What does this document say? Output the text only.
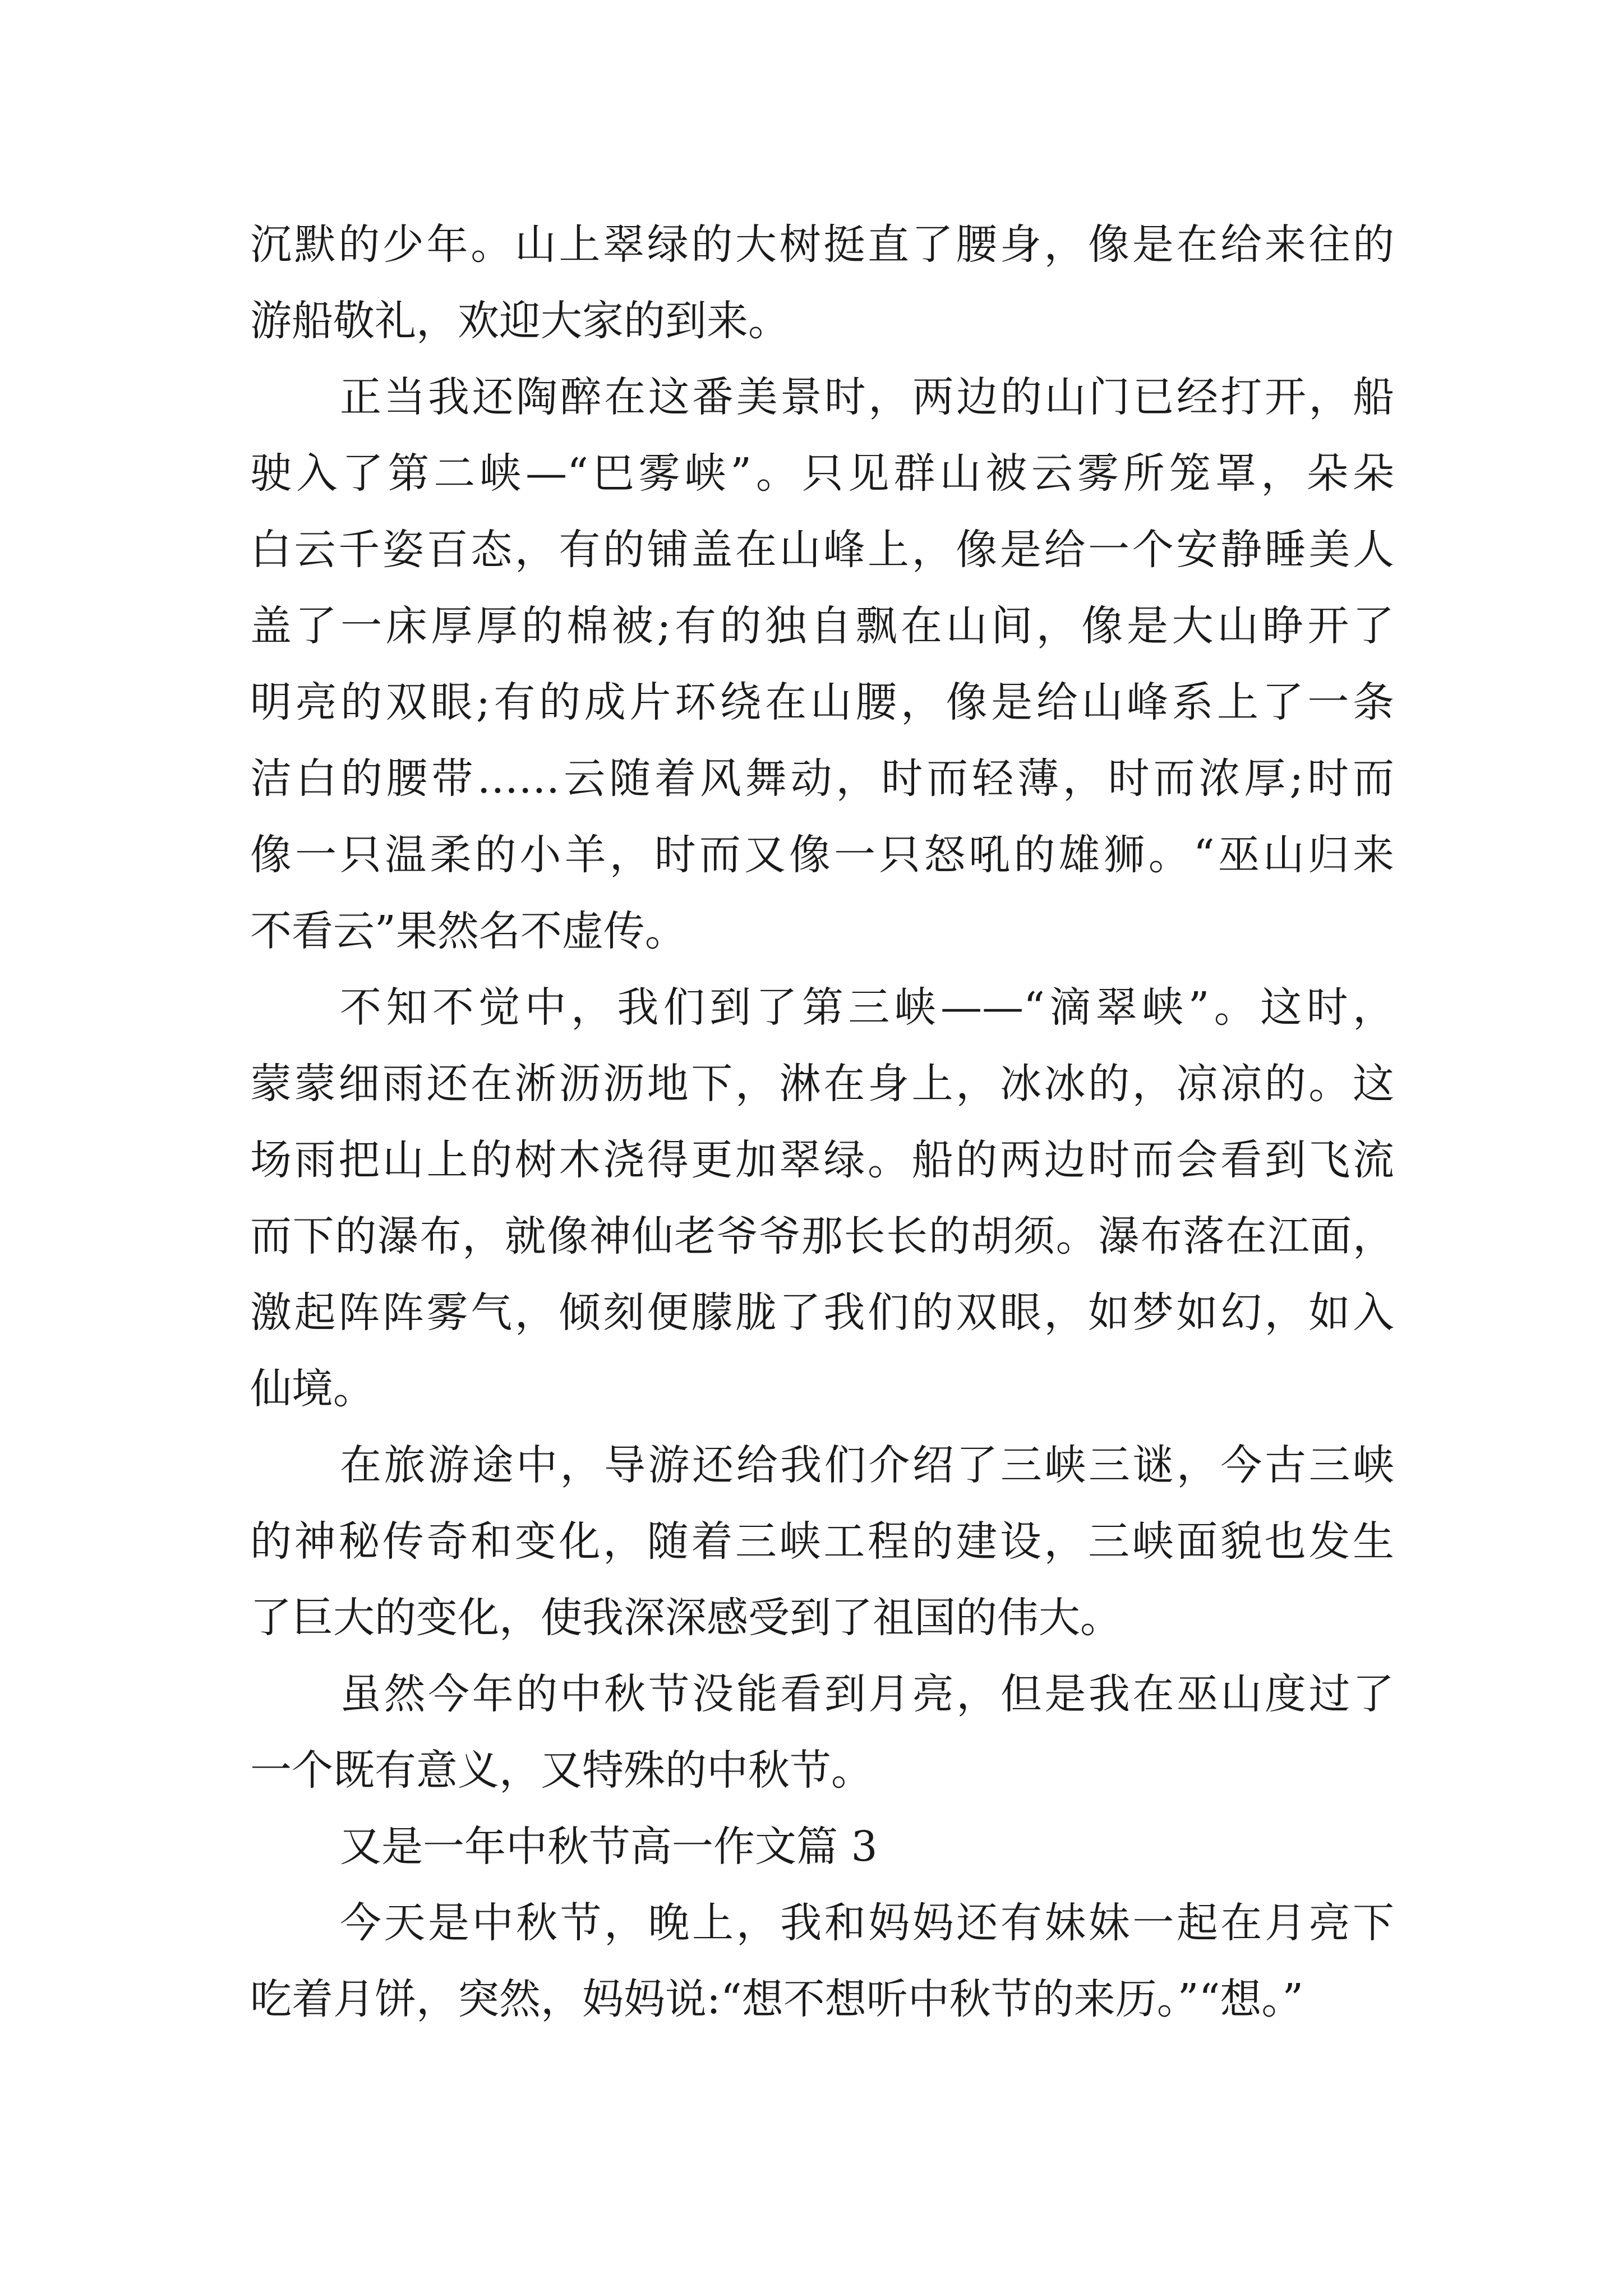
沉默的少年。山上翠绿的大树挺直了腰身，像是在给来往的
游船敬礼，欢迎大家的到来。
正当我还陶醉在这番美景时，两边的山门已经打开，船
驶入了第二峡—“巴雾峡”。只见群山被云雾所笼罩，朵朵
白云千姿百态，有的铺盖在山峰上，像是给一个安静睡美人
盖了一床厚厚的棉被;有的独自飘在山间，像是大山睁开了
明亮的双眼;有的成片环绕在山腰，像是给山峰系上了一条
洁白的腰带……云随着风舞动，时而轻薄，时而浓厚;时而
像一只温柔的小羊，时而又像一只怒吼的雄狮。“巫山归来
不看云”果然名不虚传。
不知不觉中，我们到了第三峡——“滴翠峡”。这时，
蒙蒙细雨还在淅沥沥地下，淋在身上，冰冰的，凉凉的。这
场雨把山上的树木浇得更加翠绿。船的两边时而会看到飞流
而下的瀑布，就像神仙老爷爷那长长的胡须。瀑布落在江面，
激起阵阵雾气，倾刻便朦胧了我们的双眼，如梦如幻，如入
仙境。
在旅游途中，导游还给我们介绍了三峡三谜，今古三峡
的神秘传奇和变化，随着三峡工程的建设，三峡面貌也发生
了巨大的变化，使我深深感受到了祖国的伟大。
虽然今年的中秋节没能看到月亮，但是我在巫山度过了
一个既有意义，又特殊的中秋节。
又是一年中秋节高一作文篇 3
今天是中秋节，晚上，我和妈妈还有妹妹一起在月亮下
吃着月饼，突然，妈妈说:“想不想听中秋节的来历。”“想。”
